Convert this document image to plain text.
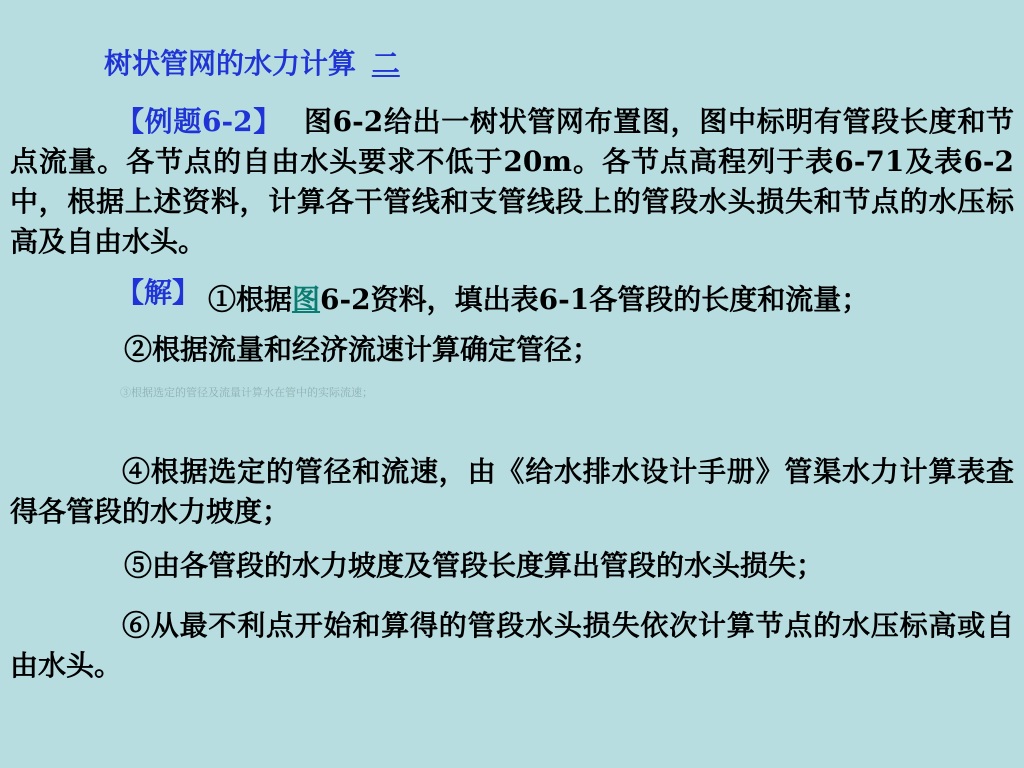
树状管网的水力计算 二
【例题6-2】 图6-2给出一树状管网布置图，图中标明有管段长度和节点流量。各节点的自由水头要求不低于20m。各节点高程列于表6-71及表6-2中，根据上述资料，计算各干管线和支管线段上的管段水头损失和节点的水压标高及自由水头。
【解】 ①根据图6-2资料，填出表6-1各管段的长度和流量；
②根据流量和经济流速计算确定管径；
③根据选定的管径及流量计算水在管中的实际流速；
④根据选定的管径和流速，由《给水排水设计手册》管渠水力计算表查得各管段的水力坡度；
⑤由各管段的水力坡度及管段长度算出管段的水头损失；
⑥从最不利点开始和算得的管段水头损失依次计算节点的水压标高或自由水头。
